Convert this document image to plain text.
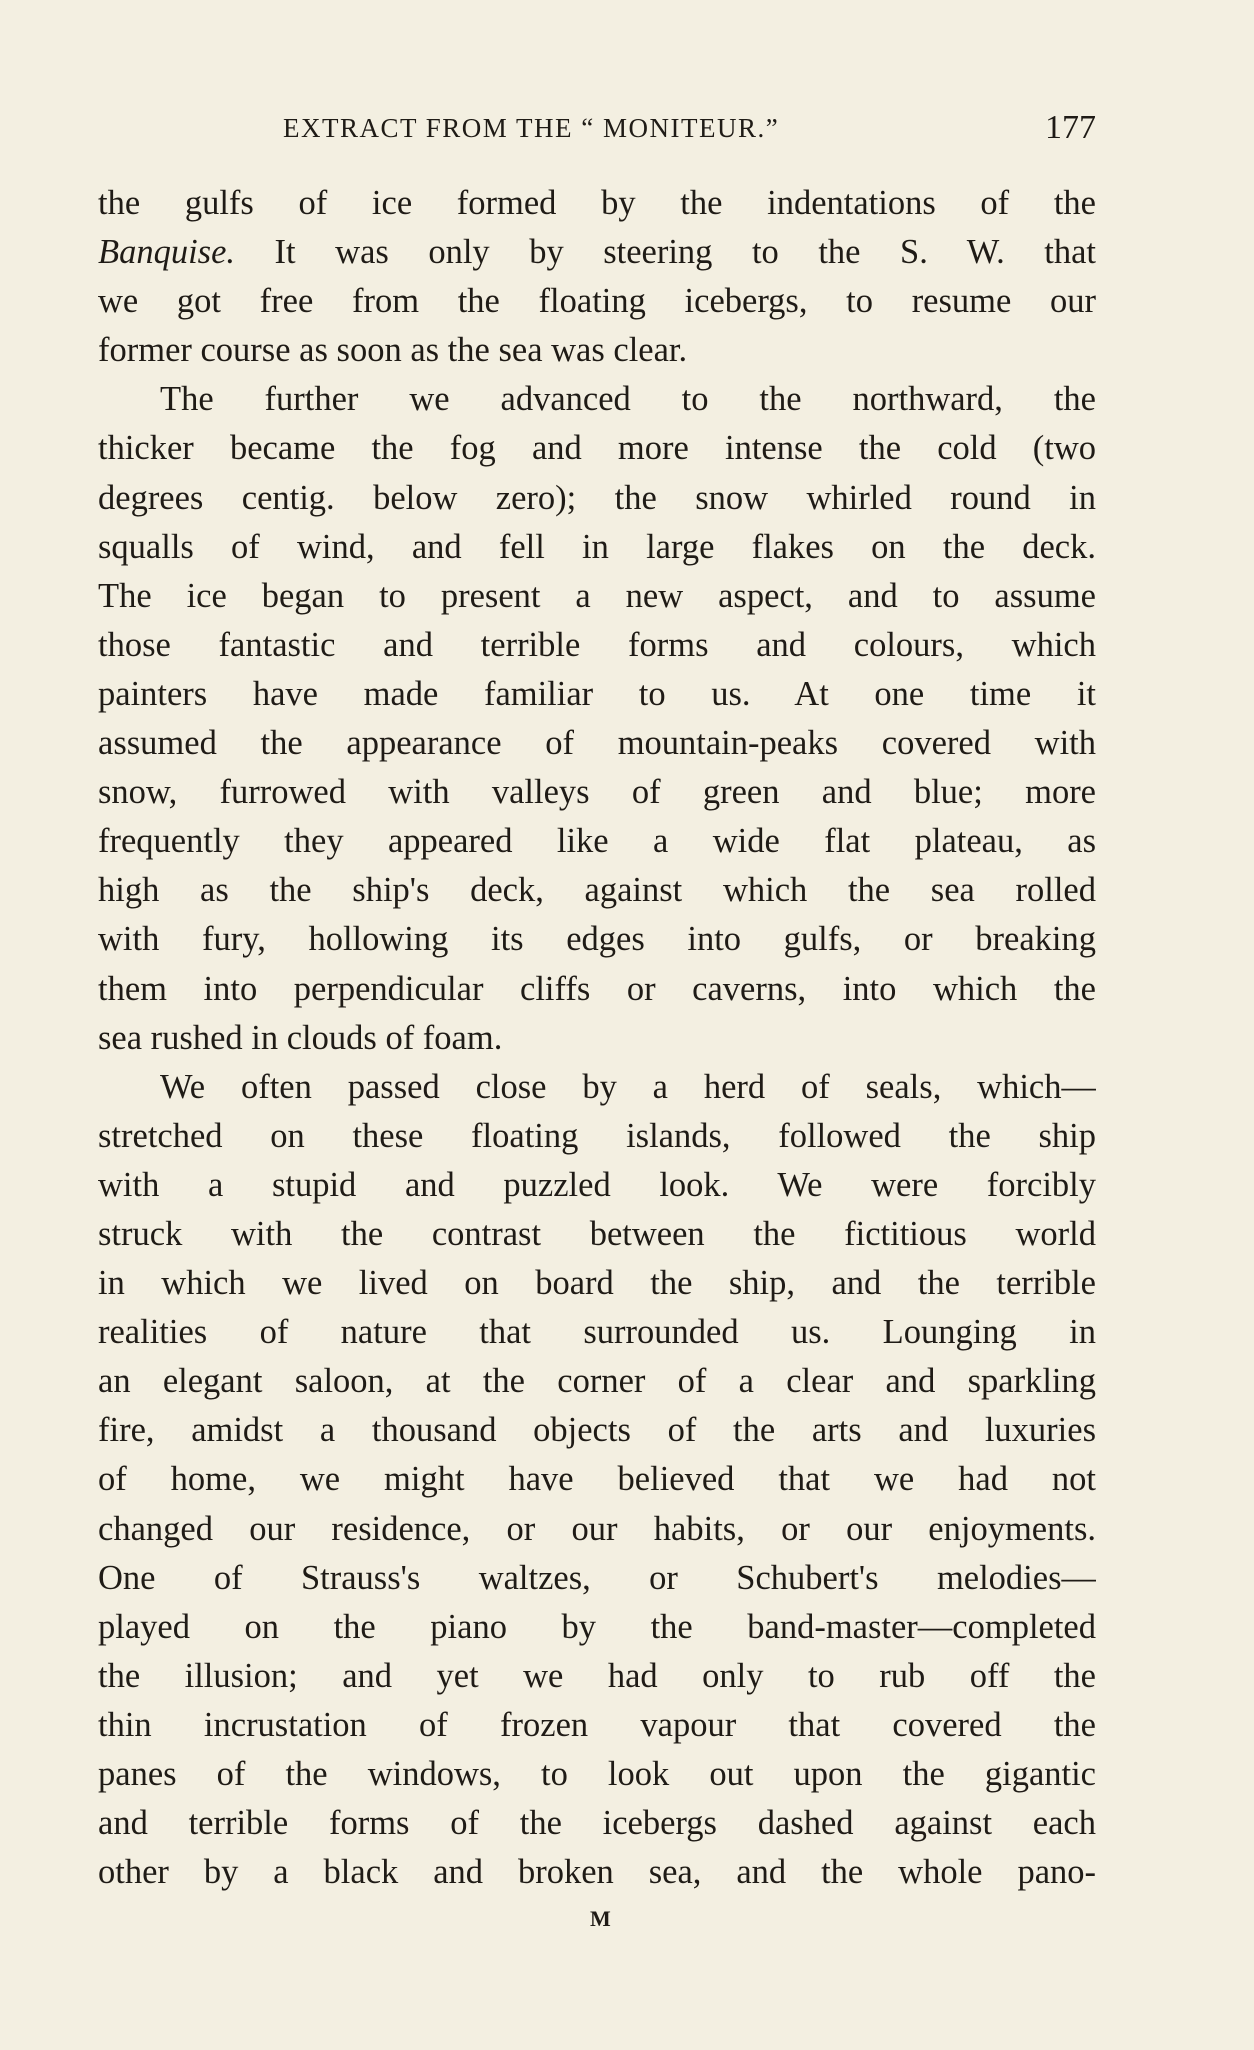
EXTRACT FROM THE “ MONITEUR.”	177
the gulfs of ice formed by the indentations of the
Banquise. It was only by steering to the S. W. that
we got free from the floating icebergs, to resume our
former course as soon as the sea was clear.
The further we advanced to the northward, the
thicker became the fog and more intense the cold (two
degrees centig. below zero); the snow whirled round in
squalls of wind, and fell in large flakes on the deck.
The ice began to present a new aspect, and to assume
those fantastic and terrible forms and colours, which
painters have made familiar to us. At one time it
assumed the appearance of mountain-peaks covered with
snow, furrowed with valleys of green and blue; more
frequently they appeared like a wide flat plateau, as
high as the ship's deck, against which the sea rolled
with fury, hollowing its edges into gulfs, or breaking
them into perpendicular cliffs or caverns, into which the
sea rushed in clouds of foam.
We often passed close by a herd of seals, which—
stretched on these floating islands, followed the ship
with a stupid and puzzled look. We were forcibly
struck with the contrast between the fictitious world
in which we lived on board the ship, and the terrible
realities of nature that surrounded us. Lounging in
an elegant saloon, at the corner of a clear and sparkling
fire, amidst a thousand objects of the arts and luxuries
of home, we might have believed that we had not
changed our residence, or our habits, or our enjoyments.
One of Strauss's waltzes, or Schubert's melodies—
played on the piano by the band-master—completed
the illusion; and yet we had only to rub off the
thin incrustation of frozen vapour that covered the
panes of the windows, to look out upon the gigantic
and terrible forms of the icebergs dashed against each
other by a black and broken sea, and the whole pano-
M
